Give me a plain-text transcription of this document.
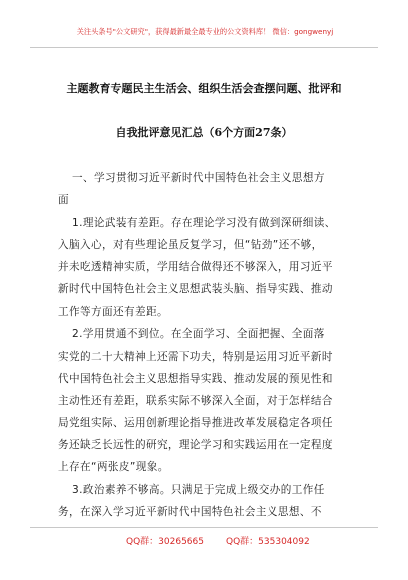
关注头条号"公文研究"，获得最新最全最专业的公文资料库！ 微信：gongwenyj
主题教育专题民主生活会、组织生活会查摆问题、批评和
自我批评意见汇总（6个方面27条）
一、学习贯彻习近平新时代中国特色社会主义思想方
面
1.理论武装有差距。存在理论学习没有做到深研细读、
入脑入心，对有些理论虽反复学习，但“钻劲”还不够，
并未吃透精神实质，学用结合做得还不够深入，用习近平
新时代中国特色社会主义思想武装头脑、指导实践、推动
工作等方面还有差距。
2.学用贯通不到位。在全面学习、全面把握、全面落
实党的二十大精神上还需下功夫，特别是运用习近平新时
代中国特色社会主义思想指导实践、推动发展的预见性和
主动性还有差距，联系实际不够深入全面，对于怎样结合
局党组实际、运用创新理论指导推进改革发展稳定各项任
务还缺乏长远性的研究，理论学习和实践运用在一定程度
上存在“两张皮”现象。
3.政治素养不够高。只满足于完成上级交办的工作任
务，在深入学习近平新时代中国特色社会主义思想、不
QQ群：30265665 QQ群：535304092
